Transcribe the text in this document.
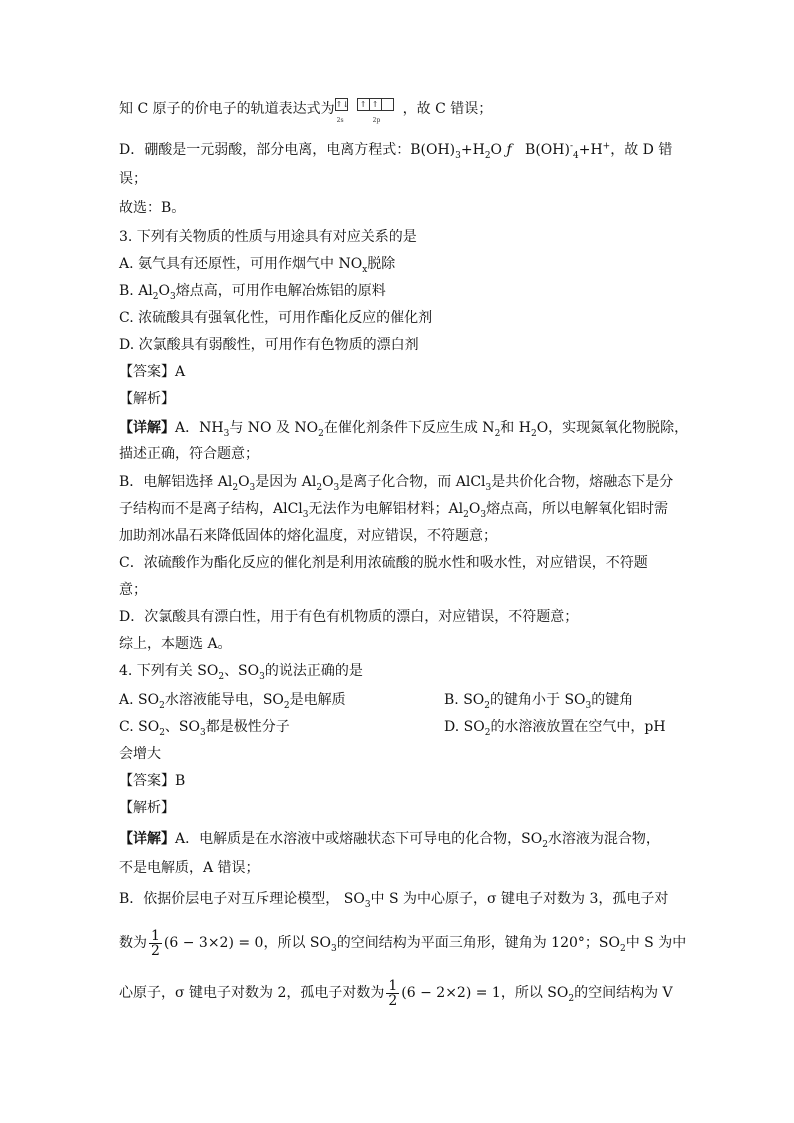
知 C 原子的价电子的轨道表达式为↑↓
2s
↑ ↑
2p
，故 C 错误；
D．硼酸是一元弱酸，部分电离，电离方程式：$B(OH)_3+H_2O$ ƒ $B(OH)^-_4+H^+$，故 D 错
误；
故选：B。
3. 下列有关物质的性质与用途具有对应关系的是
A. 氨气具有还原性，可用作烟气中 $NO_x$脱除
B. $Al_2O_3$熔点高，可用作电解冶炼铝的原料
C. 浓硫酸具有强氧化性，可用作酯化反应的催化剂
D. 次氯酸具有弱酸性，可用作有色物质的漂白剂
【答案】A
【解析】
【详解】A．$NH_3$与 NO 及 $NO_2$在催化剂条件下反应生成 $N_2$和 $H_2O$，实现氮氧化物脱除，
描述正确，符合题意；
B．电解铝选择 $Al_2O_3$是因为 $Al_2O_3$是离子化合物，而 AlCl$_3$是共价化合物，熔融态下是分
子结构而不是离子结构，AlCl$_3$无法作为电解铝材料；$Al_2O_3$熔点高，所以电解氧化铝时需
加助剂冰晶石来降低固体的熔化温度，对应错误，不符题意；
C．浓硫酸作为酯化反应的催化剂是利用浓硫酸的脱水性和吸水性，对应错误，不符题
意；
D．次氯酸具有漂白性，用于有色有机物质的漂白，对应错误，不符题意；
综上，本题选 A。
4. 下列有关 $SO_2$、$SO_3$的说法正确的是
A. $SO_2$水溶液能导电，$SO_2$是电解质	B. $SO_2$的键角小于 $SO_3$的键角
C. $SO_2$、$SO_3$都是极性分子	D. $SO_2$的水溶液放置在空气中，pH
会增大
【答案】B
【解析】
【详解】A．电解质是在水溶液中或熔融状态下可导电的化合物，$SO_2$水溶液为混合物，
不是电解质，A 错误；
B．依据价层电子对互斥理论模型， $SO_3$中 S 为中心原子，σ 键电子对数为 3，孤电子对
数为 $\frac{1}{2} (6 - 3\times 2) = 0$，所以 $SO_3$的空间结构为平面三角形，键角为 120°；$SO_2$中 S 为中
心原子，σ 键电子对数为 2，孤电子对数为 $\frac{1}{2} (6 - 2\times 2) = 1$，所以 $SO_2$的空间结构为 V
